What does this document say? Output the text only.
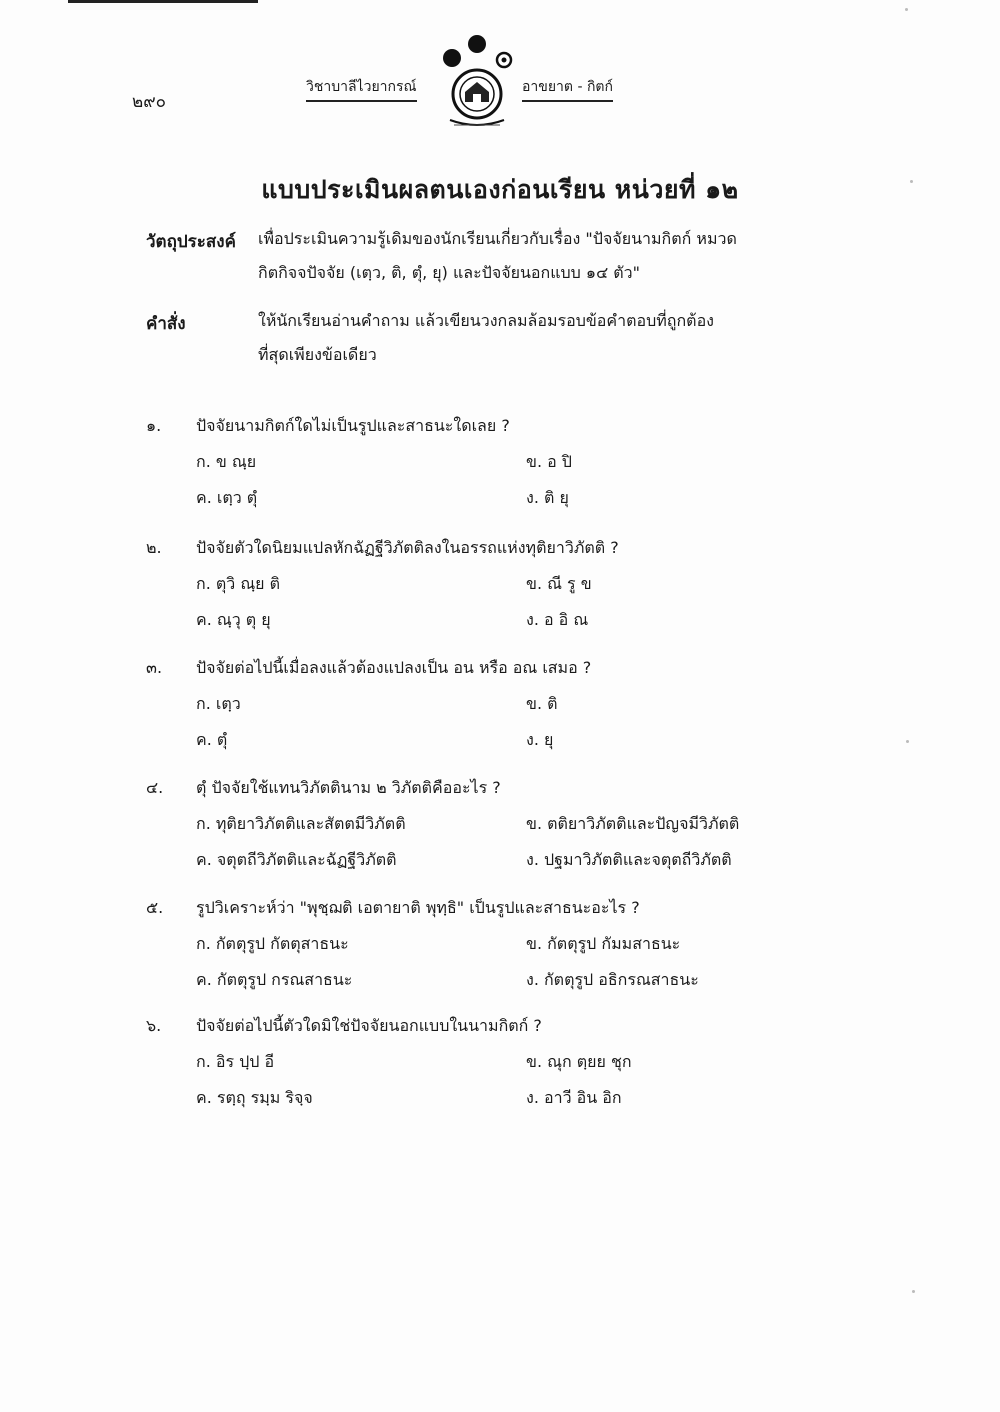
๒๙๐
วิชาบาลีไวยากรณ์	อาขยาต - กิตก์
แบบประเมินผลตนเองก่อนเรียน หน่วยที่ ๑๒
วัตถุประสงค์ เพื่อประเมินความรู้เดิมของนักเรียนเกี่ยวกับเรื่อง "ปัจจัยนามกิตก์ หมวด
กิตกิจจปัจจัย (เตฺว, ติ, ตุํ, ยุ) และปัจจัยนอกแบบ ๑๔ ตัว"
คำสั่ง	ให้นักเรียนอ่านคำถาม แล้วเขียนวงกลมล้อมรอบข้อคำตอบที่ถูกต้อง
ที่สุดเพียงข้อเดียว
๑. ปัจจัยนามกิตก์ใดไม่เป็นรูปและสาธนะใดเลย ?
ก. ข ณฺย	ข. อ ปิ
ค. เตฺว ตุํ	ง. ติ ยุ
๒. ปัจจัยตัวใดนิยมแปลหักฉัฏฐีวิภัตติลงในอรรถแห่งทุติยาวิภัตติ ?
ก. ตุวิ ณฺย ติ	ข. ณี รู ข
ค. ณฺวุ ตุ ยุ	ง. อ อิ ณ
๓. ปัจจัยต่อไปนี้เมื่อลงแล้วต้องแปลงเป็น อน หรือ อณ เสมอ ?
ก. เตฺว	ข. ติ
ค. ตุํ	ง. ยุ
๔. ตุํ ปัจจัยใช้แทนวิภัตตินาม ๒ วิภัตติคืออะไร ?
ก. ทุติยาวิภัตติและสัตตมีวิภัตติ	ข. ตติยาวิภัตติและปัญจมีวิภัตติ
ค. จตุตถีวิภัตติและฉัฏฐีวิภัตติ	ง. ปฐมาวิภัตติและจตุตถีวิภัตติ
๕. รูปวิเคราะห์ว่า "พุชฺฌติ เอตายาติ พุทฺธิ" เป็นรูปและสาธนะอะไร ?
ก. กัตตุรูป กัตตุสาธนะ	ข. กัตตุรูป กัมมสาธนะ
ค. กัตตุรูป กรณสาธนะ	ง. กัตตุรูป อธิกรณสาธนะ
๖. ปัจจัยต่อไปนี้ตัวใดมิใช่ปัจจัยนอกแบบในนามกิตก์ ?
ก. อิร ปฺป อี	ข. ณุก ตฺยย ชุก
ค. รตฺถุ รมฺม ริจฺจ	ง. อาวี อิน อิก
